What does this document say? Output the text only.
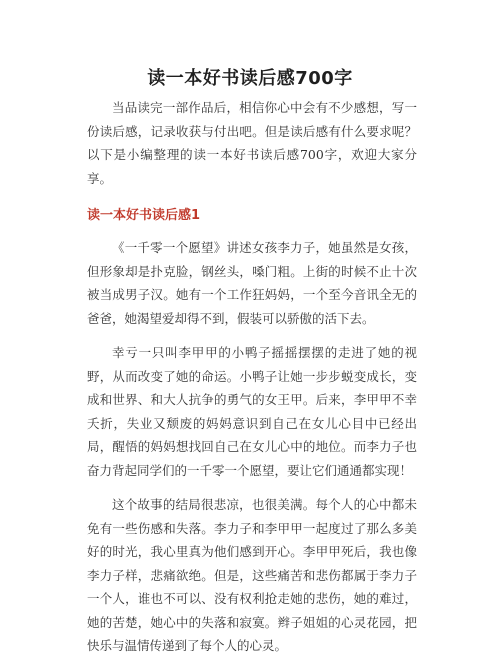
读一本好书读后感700字

当品读完一部作品后，相信你心中会有不少感想，写一份读后感，记录收获与付出吧。但是读后感有什么要求呢？以下是小编整理的读一本好书读后感700字，欢迎大家分享。

读一本好书读后感1

《一千零一个愿望》讲述女孩李力子，她虽然是女孩，但形象却是扑克脸，钢丝头，嗓门粗。上街的时候不止十次被当成男子汉。她有一个工作狂妈妈，一个至今音讯全无的爸爸，她渴望爱却得不到，假装可以骄傲的活下去。

幸亏一只叫李甲甲的小鸭子摇摇摆摆的走进了她的视野，从而改变了她的命运。小鸭子让她一步步蜕变成长，变成和世界、和大人抗争的勇气的女王甲。后来，李甲甲不幸夭折，失业又颓废的妈妈意识到自己在女儿心目中已经出局，醒悟的妈妈想找回自己在女儿心中的地位。而李力子也奋力背起同学们的一千零一个愿望，要让它们通通都实现！

这个故事的结局很悲凉，也很美满。每个人的心中都未免有一些伤感和失落。李力子和李甲甲一起度过了那么多美好的时光，我心里真为他们感到开心。李甲甲死后，我也像李力子样，悲痛欲绝。但是，这些痛苦和悲伤都属于李力子一个人，谁也不可以、没有权利抢走她的悲伤，她的难过，她的苦楚，她心中的失落和寂寞。辫子姐姐的心灵花园，把快乐与温情传递到了每个人的心灵。
